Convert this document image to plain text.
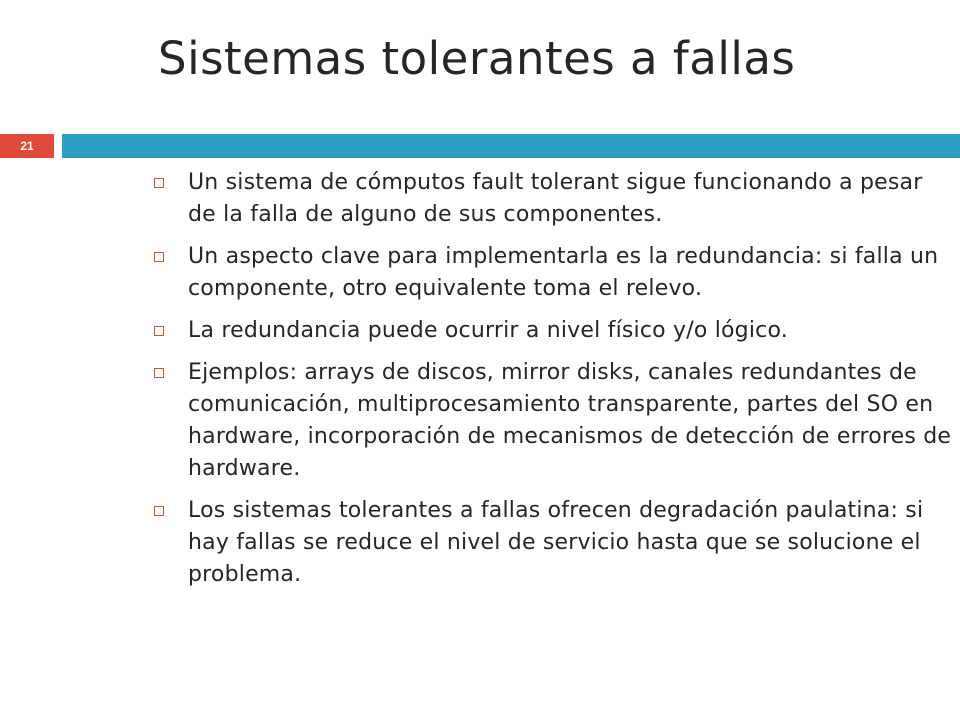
Sistemas tolerantes a fallas
21
Un sistema de cómputos fault tolerant sigue funcionando a pesar de la falla de alguno de sus componentes.
Un aspecto clave para implementarla es la redundancia: si falla un componente, otro equivalente toma el relevo.
La redundancia puede ocurrir a nivel físico y/o lógico.
Ejemplos: arrays de discos, mirror disks, canales redundantes de comunicación, multiprocesamiento transparente, partes del SO en hardware, incorporación de mecanismos de detección de errores de hardware.
Los sistemas tolerantes a fallas ofrecen degradación paulatina: si hay fallas se reduce el nivel de servicio hasta que se solucione el problema.
